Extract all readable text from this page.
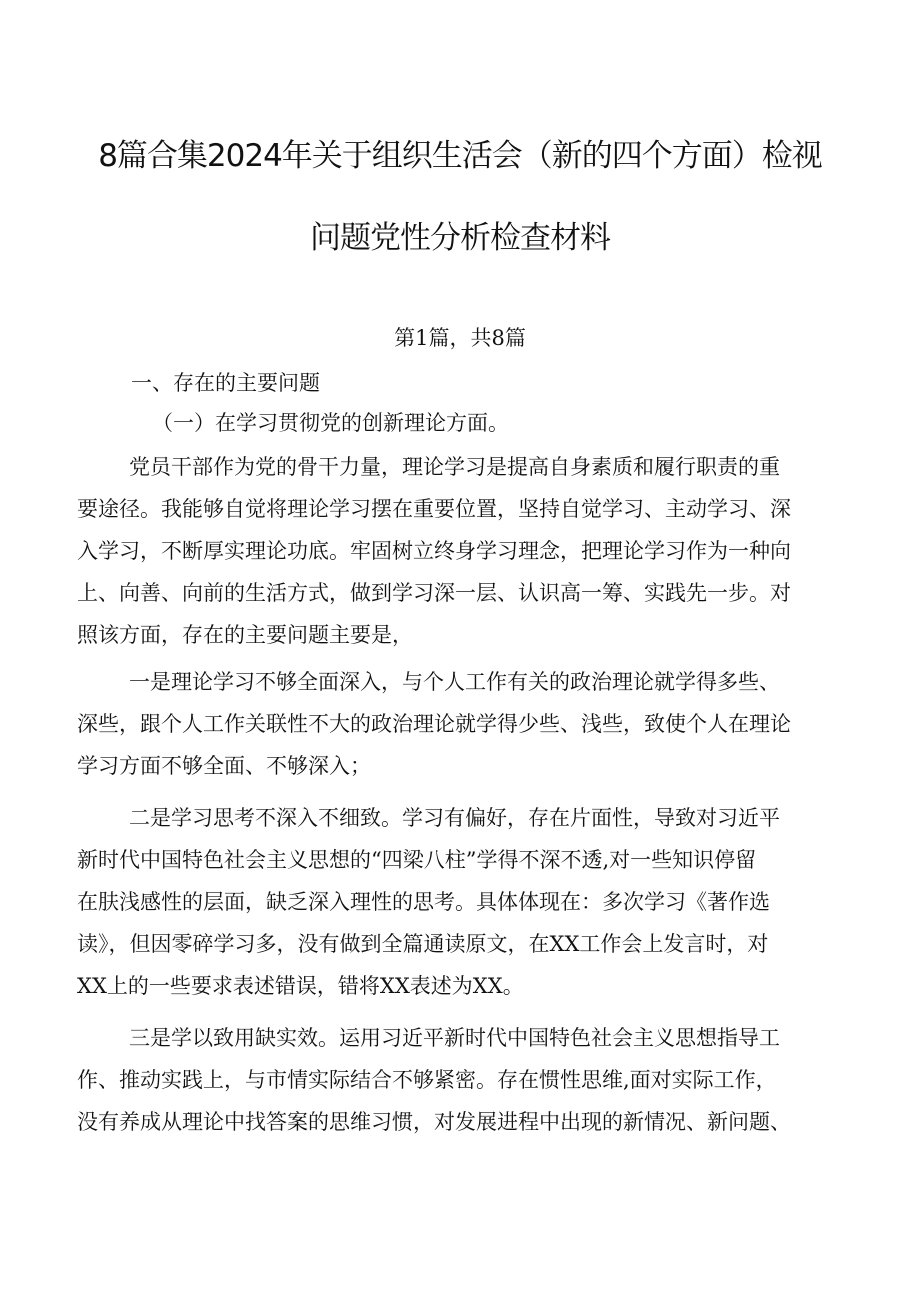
8篇合集2024年关于组织生活会（新的四个方面）检视
问题党性分析检查材料
第1篇，共8篇
一、存在的主要问题
（一）在学习贯彻党的创新理论方面。
党员干部作为党的骨干力量，理论学习是提高自身素质和履行职责的重
要途径。我能够自觉将理论学习摆在重要位置，坚持自觉学习、主动学习、深
入学习，不断厚实理论功底。牢固树立终身学习理念，把理论学习作为一种向
上、向善、向前的生活方式，做到学习深一层、认识高一筹、实践先一步。对
照该方面，存在的主要问题主要是，
一是理论学习不够全面深入，与个人工作有关的政治理论就学得多些、
深些，跟个人工作关联性不大的政治理论就学得少些、浅些，致使个人在理论
学习方面不够全面、不够深入；
二是学习思考不深入不细致。学习有偏好，存在片面性，导致对习近平
新时代中国特色社会主义思想的“四梁八柱”学得不深不透,对一些知识停留
在肤浅感性的层面，缺乏深入理性的思考。具体体现在：多次学习《著作选
读》，但因零碎学习多，没有做到全篇通读原文，在XX工作会上发言时，对
XX上的一些要求表述错误，错将XX表述为XX。
三是学以致用缺实效。运用习近平新时代中国特色社会主义思想指导工
作、推动实践上，与市情实际结合不够紧密。存在惯性思维,面对实际工作，
没有养成从理论中找答案的思维习惯，对发展进程中出现的新情况、新问题、
